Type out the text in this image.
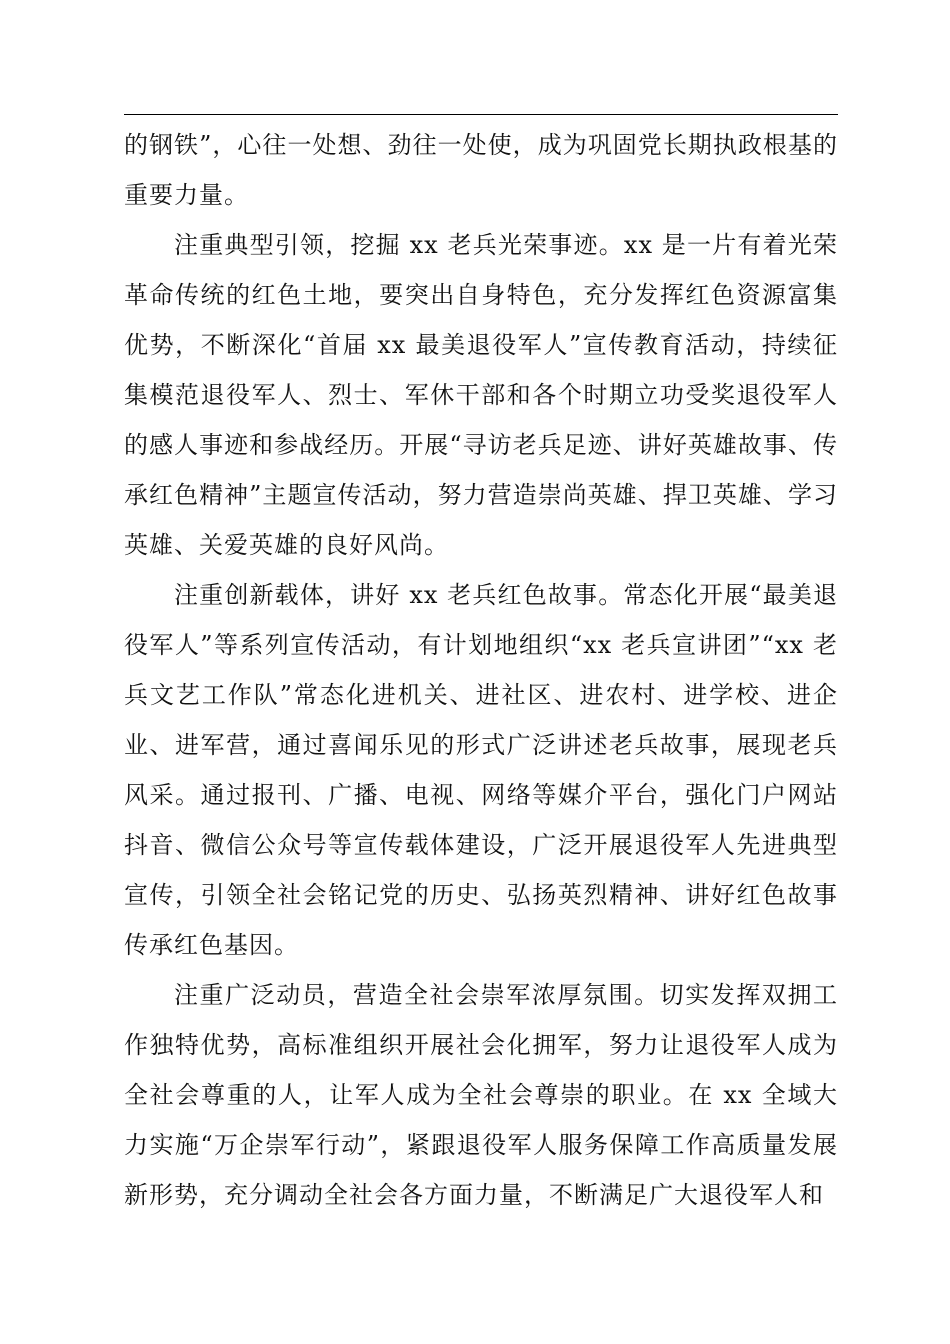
的钢铁”，心往一处想、劲往一处使，成为巩固党长期执政根基的重要力量。

注重典型引领，挖掘 xx 老兵光荣事迹。xx 是一片有着光荣革命传统的红色土地，要突出自身特色，充分发挥红色资源富集优势，不断深化“首届 xx 最美退役军人”宣传教育活动，持续征集模范退役军人、烈士、军休干部和各个时期立功受奖退役军人的感人事迹和参战经历。开展“寻访老兵足迹、讲好英雄故事、传承红色精神”主题宣传活动，努力营造崇尚英雄、捍卫英雄、学习英雄、关爱英雄的良好风尚。

注重创新载体，讲好 xx 老兵红色故事。常态化开展“最美退役军人”等系列宣传活动，有计划地组织“xx 老兵宣讲团”“xx 老兵文艺工作队”常态化进机关、进社区、进农村、进学校、进企业、进军营，通过喜闻乐见的形式广泛讲述老兵故事，展现老兵风采。通过报刊、广播、电视、网络等媒介平台，强化门户网站抖音、微信公众号等宣传载体建设，广泛开展退役军人先进典型宣传，引领全社会铭记党的历史、弘扬英烈精神、讲好红色故事传承红色基因。

注重广泛动员，营造全社会崇军浓厚氛围。切实发挥双拥工作独特优势，高标准组织开展社会化拥军，努力让退役军人成为全社会尊重的人，让军人成为全社会尊崇的职业。在 xx 全域大力实施“万企崇军行动”，紧跟退役军人服务保障工作高质量发展新形势，充分调动全社会各方面力量，不断满足广大退役军人和
